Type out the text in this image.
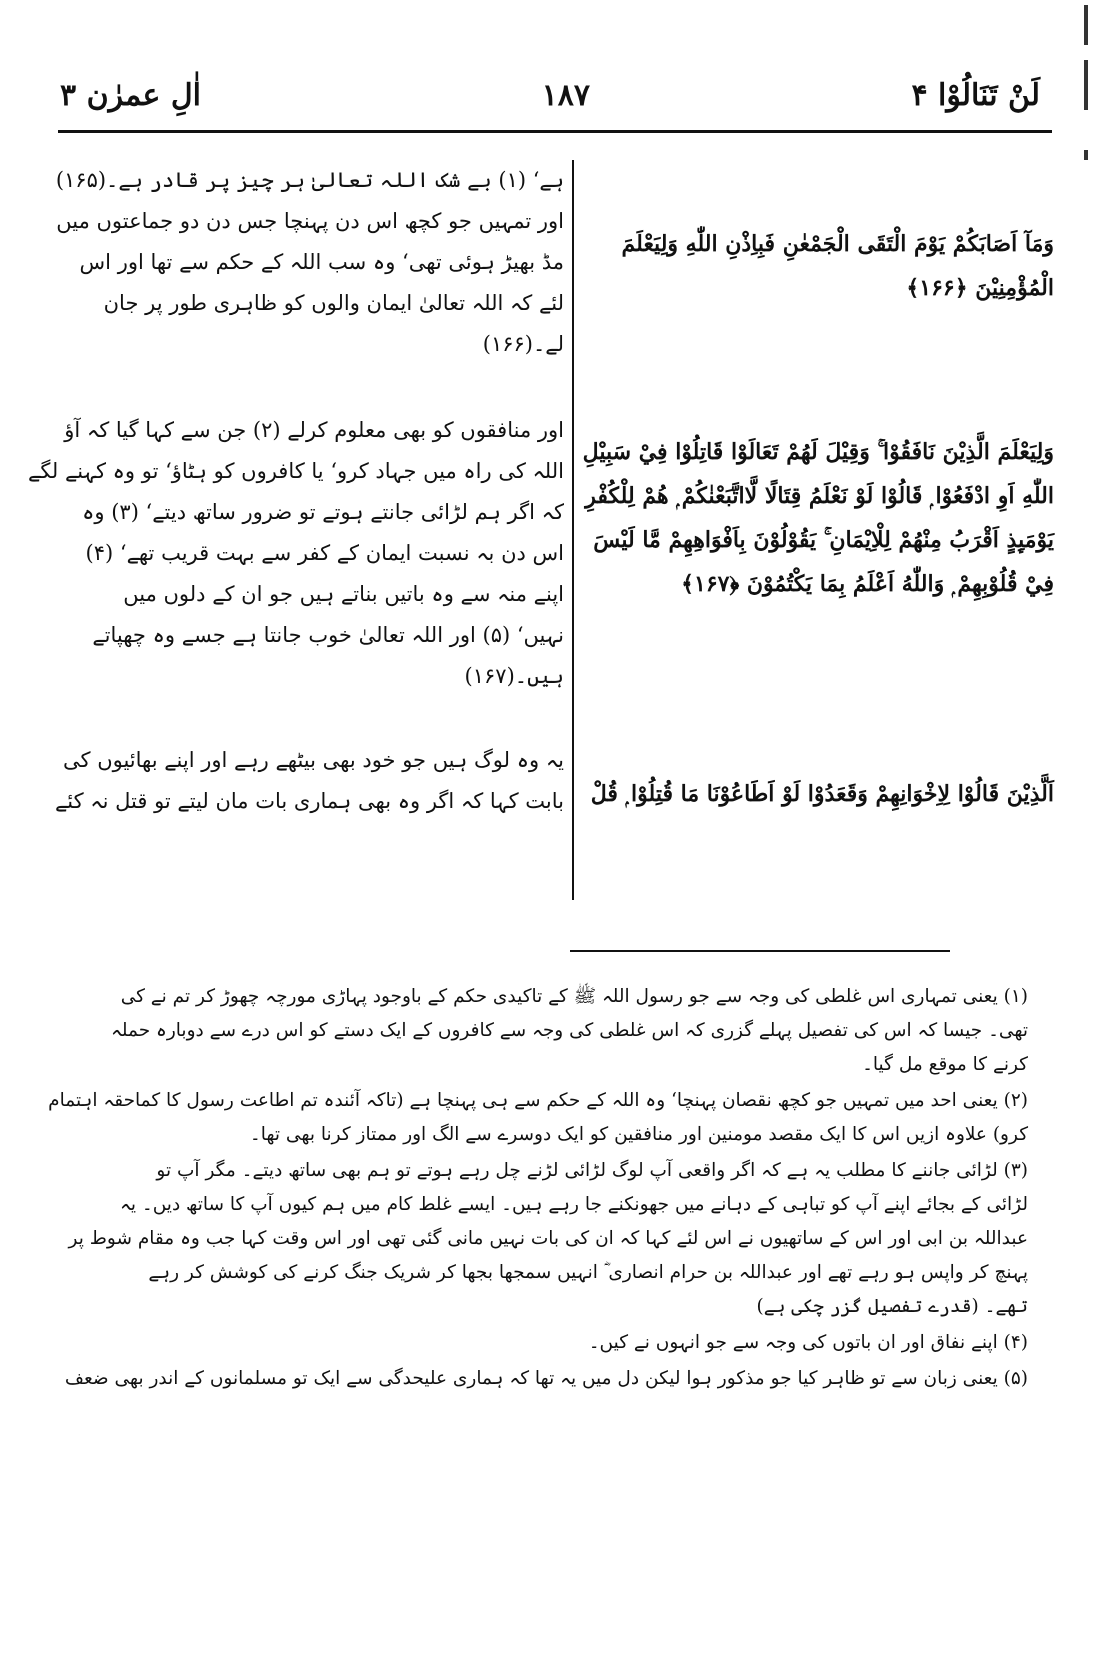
لَنْ تَنَالُوْا ۴
۱۸۷
اٰلِ عمرٰن ۳
وَمَآ اَصَابَكُمْ يَوْمَ الْتَقَى الْجَمْعٰنِ فَبِاِذْنِ اللّٰهِ وَلِيَعْلَمَ
الْمُؤْمِنِيْنَ ﴿۱۶۶﴾
وَلِيَعْلَمَ الَّذِيْنَ نَافَقُوْا ۚ وَقِيْلَ لَهُمْ تَعَالَوْا قَاتِلُوْا فِيْ سَبِيْلِ
اللّٰهِ اَوِ ادْفَعُوْا ۭ قَالُوْا لَوْ نَعْلَمُ قِتَالًا لَّااتَّبَعْنٰكُمْ ۭ هُمْ لِلْكُفْرِ
يَوْمَىِٕذٍ اَقْرَبُ مِنْهُمْ لِلْاِيْمَانِ ۚ يَقُوْلُوْنَ بِاَفْوَاهِهِمْ مَّا لَيْسَ
فِيْ قُلُوْبِهِمْ ۭ وَاللّٰهُ اَعْلَمُ بِمَا يَكْتُمُوْنَ ﴿۱۶۷﴾
اَلَّذِيْنَ قَالُوْا لِاِخْوَانِهِمْ وَقَعَدُوْا لَوْ اَطَاعُوْنَا مَا قُتِلُوْا ۭ قُلْ
ہے‘ (۱) بے شک اللہ تعالیٰ ہر چیز پر قادر ہے۔(۱۶۵)
اور تمہیں جو کچھ اس دن پہنچا جس دن دو جماعتوں میں
مڈ بھیڑ ہوئی تھی‘ وہ سب اللہ کے حکم سے تھا اور اس
لئے کہ اللہ تعالیٰ ایمان والوں کو ظاہری طور پر جان
لے۔(۱۶۶)
اور منافقوں کو بھی معلوم کرلے (۲) جن سے کہا گیا کہ آؤ
اللہ کی راہ میں جہاد کرو‘ یا کافروں کو ہٹاؤ‘ تو وہ کہنے لگے
کہ اگر ہم لڑائی جانتے ہوتے تو ضرور ساتھ دیتے‘ (۳) وہ
اس دن بہ نسبت ایمان کے کفر سے بہت قریب تھے‘ (۴)
اپنے منہ سے وہ باتیں بناتے ہیں جو ان کے دلوں میں
نہیں‘ (۵) اور اللہ تعالیٰ خوب جانتا ہے جسے وہ چھپاتے
ہیں۔(۱۶۷)
یہ وہ لوگ ہیں جو خود بھی بیٹھے رہے اور اپنے بھائیوں کی
بابت کہا کہ اگر وہ بھی ہماری بات مان لیتے تو قتل نہ کئے
(۱) یعنی تمہاری اس غلطی کی وجہ سے جو رسول اللہ ﷺ کے تاکیدی حکم کے باوجود پہاڑی مورچہ چھوڑ کر تم نے کی
تھی۔ جیسا کہ اس کی تفصیل پہلے گزری کہ اس غلطی کی وجہ سے کافروں کے ایک دستے کو اس درے سے دوبارہ حملہ
کرنے کا موقع مل گیا۔
(۲) یعنی احد میں تمہیں جو کچھ نقصان پہنچا‘ وہ اللہ کے حکم سے ہی پہنچا ہے (تاکہ آئندہ تم اطاعت رسول کا کماحقہ اہتمام
کرو) علاوہ ازیں اس کا ایک مقصد مومنین اور منافقین کو ایک دوسرے سے الگ اور ممتاز کرنا بھی تھا۔
(۳) لڑائی جاننے کا مطلب یہ ہے کہ اگر واقعی آپ لوگ لڑائی لڑنے چل رہے ہوتے تو ہم بھی ساتھ دیتے۔ مگر آپ تو
لڑائی کے بجائے اپنے آپ کو تباہی کے دہانے میں جھونکنے جا رہے ہیں۔ ایسے غلط کام میں ہم کیوں آپ کا ساتھ دیں۔ یہ
عبداللہ بن ابی اور اس کے ساتھیوں نے اس لئے کہا کہ ان کی بات نہیں مانی گئی تھی اور اس وقت کہا جب وہ مقام شوط پر
پہنچ کر واپس ہو رہے تھے اور عبداللہ بن حرام انصاری ؓ انہیں سمجھا بجھا کر شریک جنگ کرنے کی کوشش کر رہے
تھے۔ (قدرے تفصیل گزر چکی ہے)
(۴) اپنے نفاق اور ان باتوں کی وجہ سے جو انہوں نے کیں۔
(۵) یعنی زبان سے تو ظاہر کیا جو مذکور ہوا لیکن دل میں یہ تھا کہ ہماری علیحدگی سے ایک تو مسلمانوں کے اندر بھی ضعف
